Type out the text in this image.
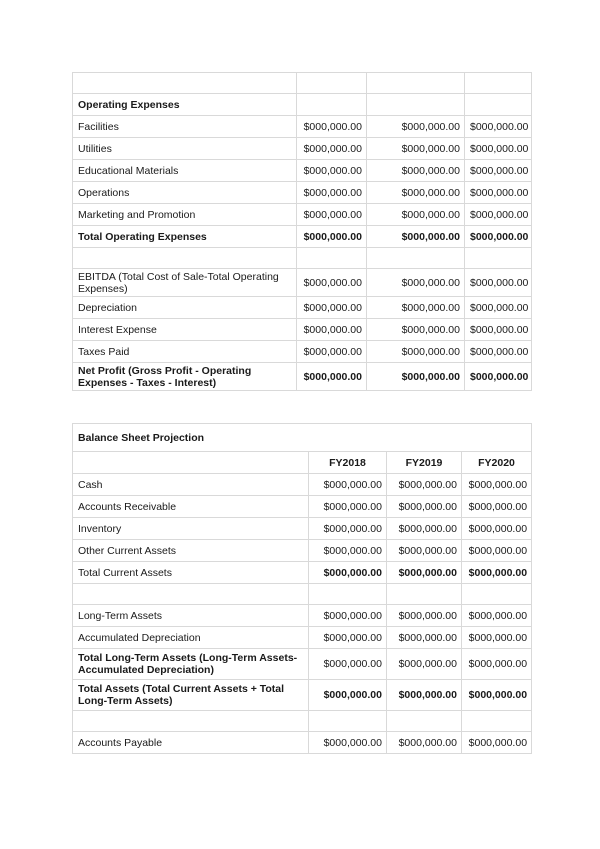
Operating Expenses			
Facilities	$000,000.00	$000,000.00	$000,000.00
Utilities	$000,000.00	$000,000.00	$000,000.00
Educational Materials	$000,000.00	$000,000.00	$000,000.00
Operations	$000,000.00	$000,000.00	$000,000.00
Marketing and Promotion	$000,000.00	$000,000.00	$000,000.00
Total Operating Expenses	$000,000.00	$000,000.00	$000,000.00

EBITDA (Total Cost of Sale-Total Operating Expenses)	$000,000.00	$000,000.00	$000,000.00
Depreciation	$000,000.00	$000,000.00	$000,000.00
Interest Expense	$000,000.00	$000,000.00	$000,000.00
Taxes Paid	$000,000.00	$000,000.00	$000,000.00
Net Profit (Gross Profit - Operating Expenses - Taxes - Interest)	$000,000.00	$000,000.00	$000,000.00
Balance Sheet Projection			
	FY2018	FY2019	FY2020
Cash	$000,000.00	$000,000.00	$000,000.00
Accounts Receivable	$000,000.00	$000,000.00	$000,000.00
Inventory	$000,000.00	$000,000.00	$000,000.00
Other Current Assets	$000,000.00	$000,000.00	$000,000.00
Total Current Assets	$000,000.00	$000,000.00	$000,000.00

Long-Term Assets	$000,000.00	$000,000.00	$000,000.00
Accumulated Depreciation	$000,000.00	$000,000.00	$000,000.00
Total Long-Term Assets (Long-Term Assets-Accumulated Depreciation)	$000,000.00	$000,000.00	$000,000.00
Total Assets (Total Current Assets + Total Long-Term Assets)	$000,000.00	$000,000.00	$000,000.00

Accounts Payable	$000,000.00	$000,000.00	$000,000.00
